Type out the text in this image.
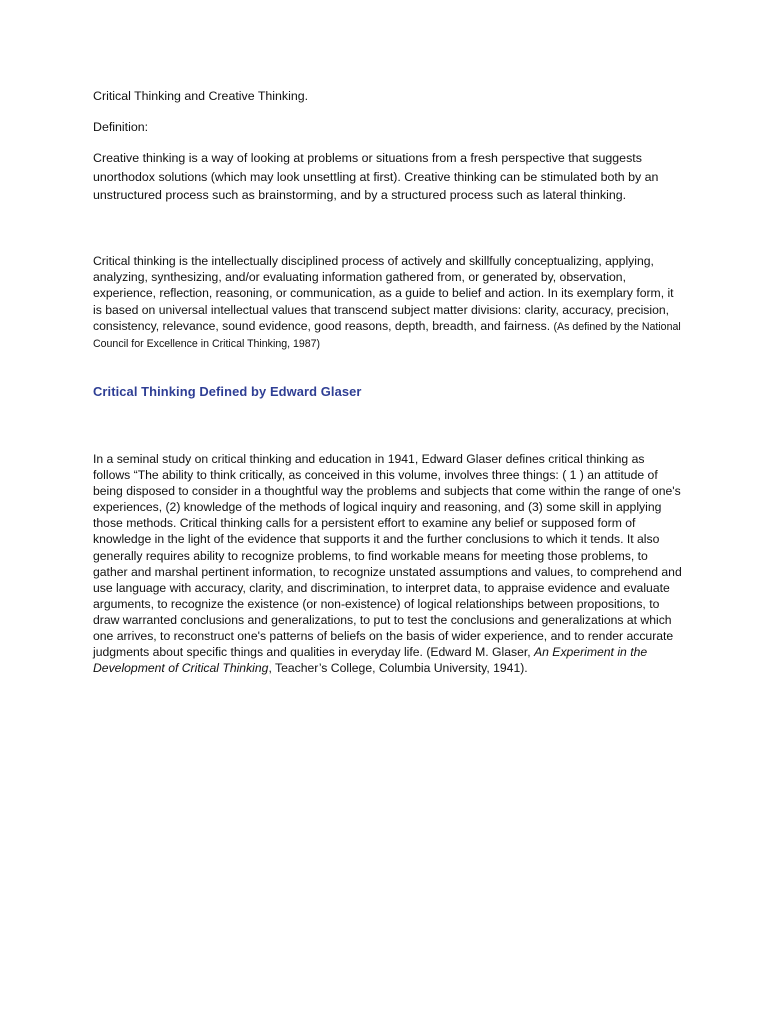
Critical Thinking and Creative Thinking.

Definition:

Creative thinking is a way of looking at problems or situations from a fresh perspective that suggests unorthodox solutions (which may look unsettling at first). Creative thinking can be stimulated both by an unstructured process such as brainstorming, and by a structured process such as lateral thinking.

Critical thinking is the intellectually disciplined process of actively and skillfully conceptualizing, applying, analyzing, synthesizing, and/or evaluating information gathered from, or generated by, observation, experience, reflection, reasoning, or communication, as a guide to belief and action. In its exemplary form, it is based on universal intellectual values that transcend subject matter divisions: clarity, accuracy, precision, consistency, relevance, sound evidence, good reasons, depth, breadth, and fairness. (As defined by the National Council for Excellence in Critical Thinking, 1987)

Critical Thinking Defined by Edward Glaser

In a seminal study on critical thinking and education in 1941, Edward Glaser defines critical thinking as follows “The ability to think critically, as conceived in this volume, involves three things: ( 1 ) an attitude of being disposed to consider in a thoughtful way the problems and subjects that come within the range of one's experiences, (2) knowledge of the methods of logical inquiry and reasoning, and (3) some skill in applying those methods. Critical thinking calls for a persistent effort to examine any belief or supposed form of knowledge in the light of the evidence that supports it and the further conclusions to which it tends. It also generally requires ability to recognize problems, to find workable means for meeting those problems, to gather and marshal pertinent information, to recognize unstated assumptions and values, to comprehend and use language with accuracy, clarity, and discrimination, to interpret data, to appraise evidence and evaluate arguments, to recognize the existence (or non-existence) of logical relationships between propositions, to draw warranted conclusions and generalizations, to put to test the conclusions and generalizations at which one arrives, to reconstruct one's patterns of beliefs on the basis of wider experience, and to render accurate judgments about specific things and qualities in everyday life. (Edward M. Glaser, An Experiment in the Development of Critical Thinking, Teacher’s College, Columbia University, 1941).
